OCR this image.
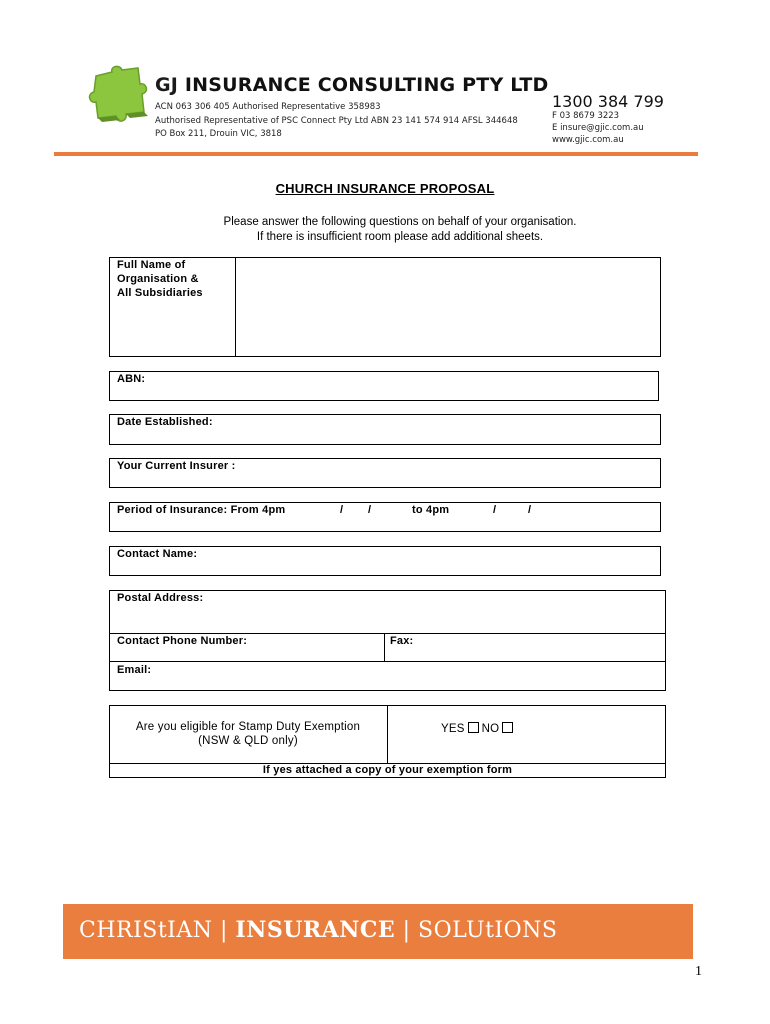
GJ INSURANCE CONSULTING PTY LTD
ACN 063 306 405 Authorised Representative 358983
Authorised Representative of PSC Connect Pty Ltd ABN 23 141 574 914 AFSL 344648
PO Box 211, Drouin VIC, 3818
1300 384 799
F 03 8679 3223
E insure@gjic.com.au
www.gjic.com.au
CHURCH INSURANCE PROPOSAL
Please answer the following questions on behalf of your organisation.
If there is insufficient room please add additional sheets.
Full Name of
Organisation &
All Subsidiaries
ABN:
Date Established:
Your Current Insurer :
Period of Insurance: From 4pm	/ /	to 4pm	/	/
Contact Name:
Postal Address:
Contact Phone Number:	Fax:
Email:
Are you eligible for Stamp Duty Exemption
(NSW & QLD only)
YES NO
If yes attached a copy of your exemption form
CHRIStIAN | INSURANCE | SOLUtIONS
1
